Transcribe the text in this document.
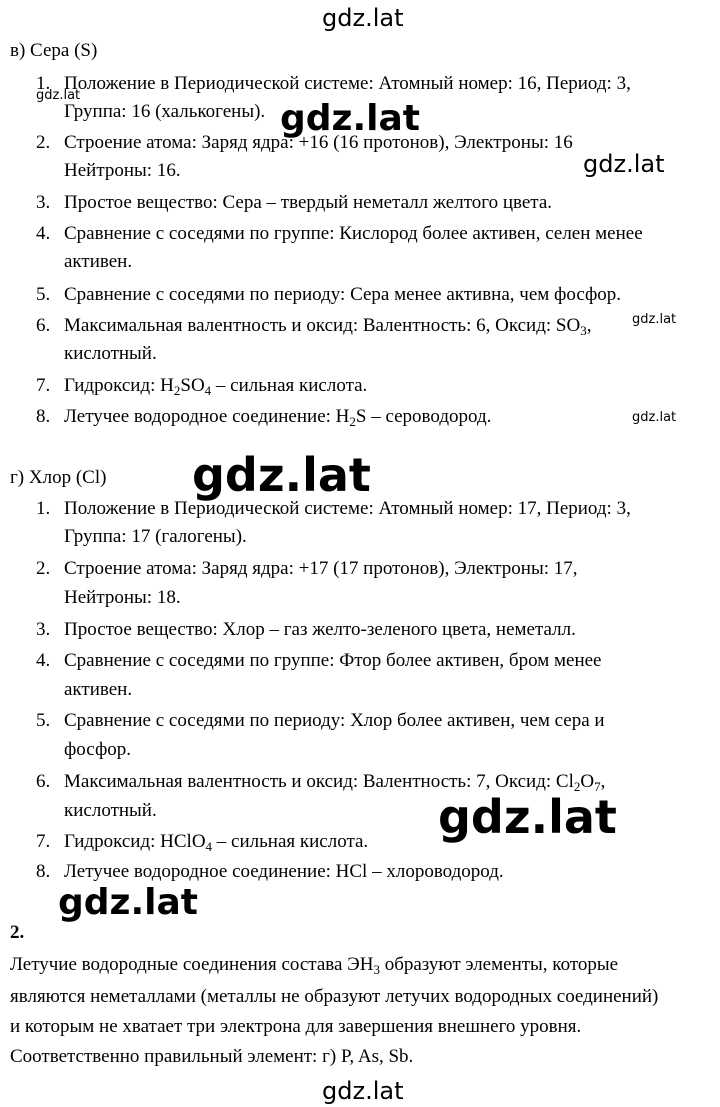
gdz.lat
gdz.lat
gdz.lat
gdz.lat
gdz.lat
gdz.lat
gdz.lat
gdz.lat
gdz.lat
gdz.lat
в) Сера (S)
1. Положение в Периодической системе: Атомный номер: 16, Период: 3,
Группа: 16 (халькогены).
2. Строение атома: Заряд ядра: +16 (16 протонов), Электроны: 16
Нейтроны: 16.
3. Простое вещество: Сера – твердый неметалл желтого цвета.
4. Сравнение с соседями по группе: Кислород более активен, селен менее
активен.
5. Сравнение с соседями по периоду: Сера менее активна, чем фосфор.
6. Максимальная валентность и оксид: Валентность: 6, Оксид: $SO_3$,
кислотный.
7. Гидроксид: $H_2SO_4$ – сильная кислота.
8. Летучее водородное соединение: $H_2S$ – сероводород.
г) Хлор (Cl)
1. Положение в Периодической системе: Атомный номер: 17, Период: 3,
Группа: 17 (галогены).
2. Строение атома: Заряд ядра: +17 (17 протонов), Электроны: 17,
Нейтроны: 18.
3. Простое вещество: Хлор – газ желто-зеленого цвета, неметалл.
4. Сравнение с соседями по группе: Фтор более активен, бром менее
активен.
5. Сравнение с соседями по периоду: Хлор более активен, чем сера и
фосфор.
6. Максимальная валентность и оксид: Валентность: 7, Оксид: $Cl_2O_7$,
кислотный.
7. Гидроксид: HClO$_4$ – сильная кислота.
8. Летучее водородное соединение: HCl – хлороводород.
2.
Летучие водородные соединения состава $ЭН_3$ образуют элементы, которые
являются неметаллами (металлы не образуют летучих водородных соединений)
и которым не хватает три электрона для завершения внешнего уровня.
Соответственно правильный элемент: г) P, As, Sb.
